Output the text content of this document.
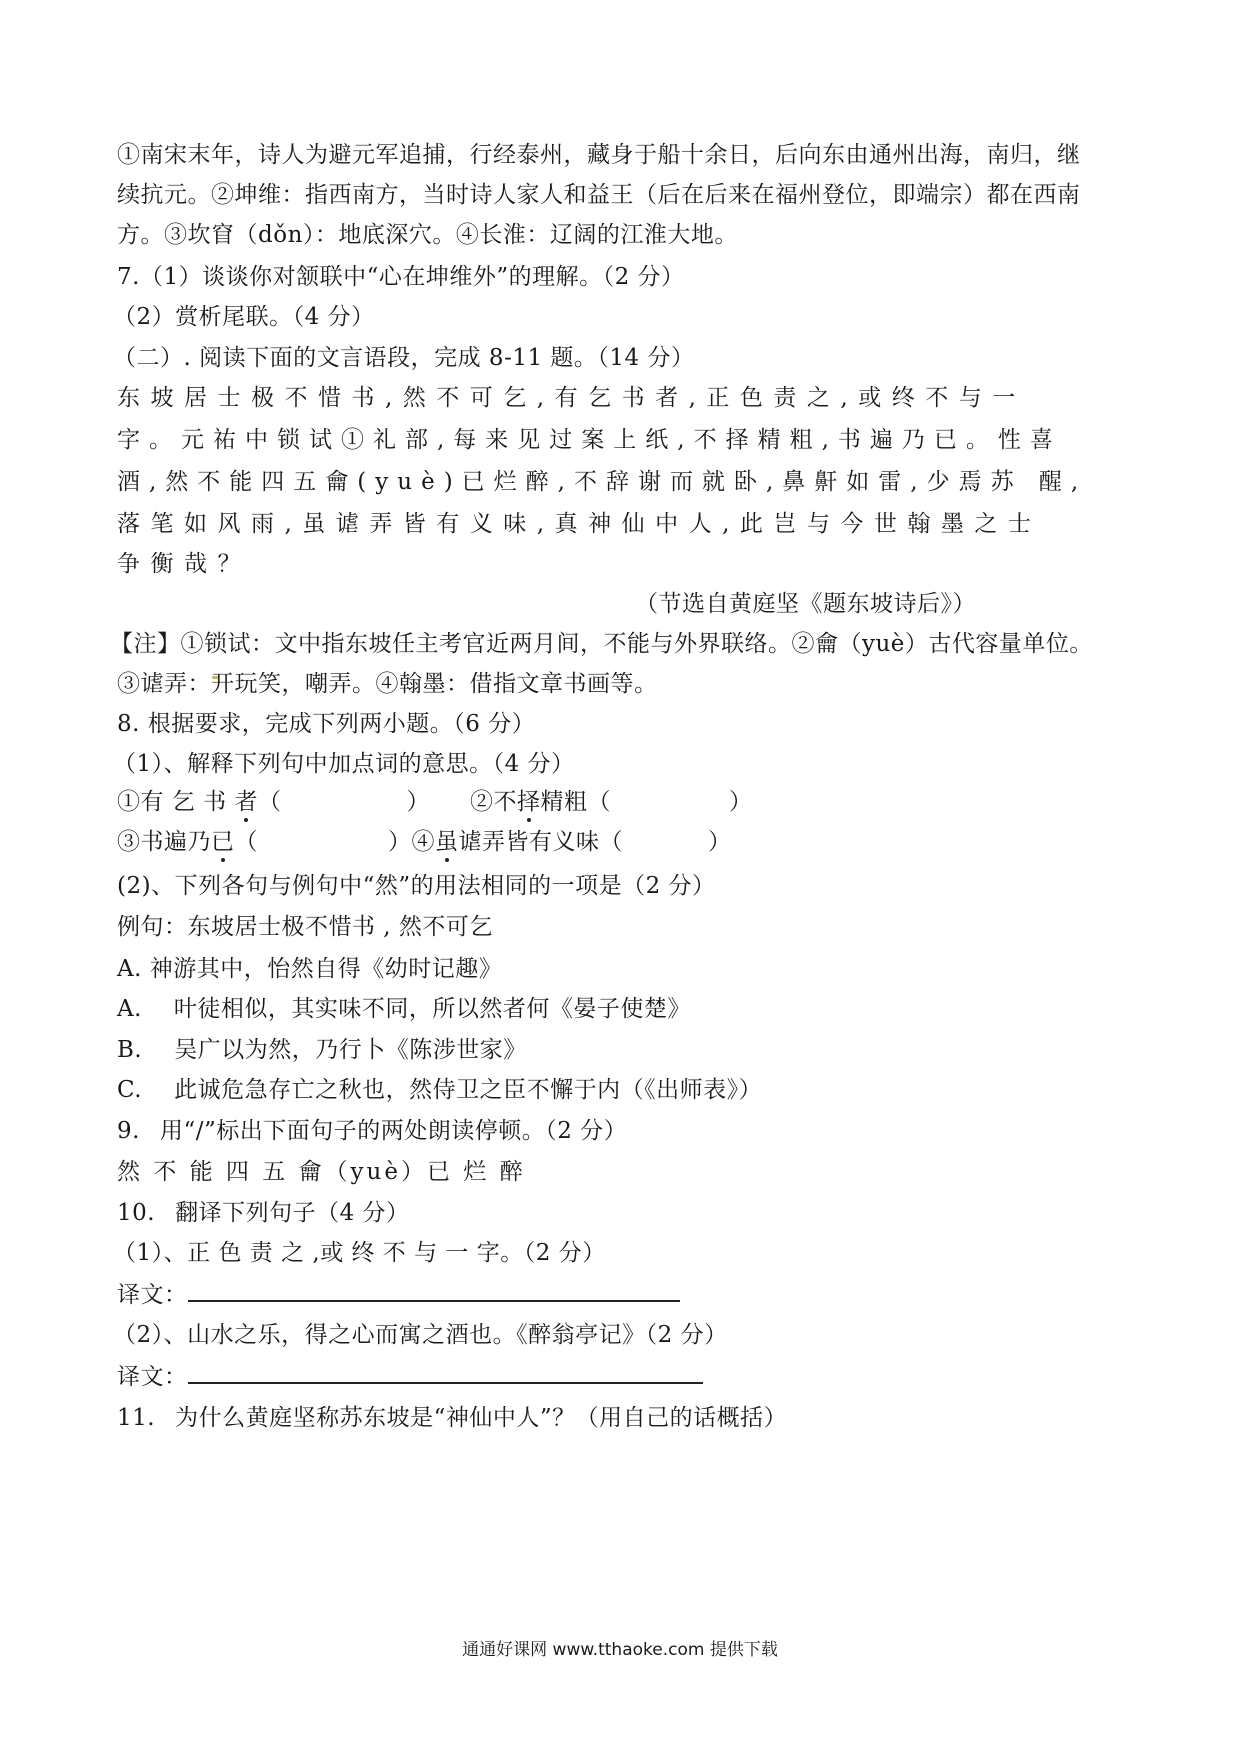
①南宋末年，诗人为避元军追捕，行经泰州，藏身于船十余日，后向东由通州出海，南归，继
续抗元。②坤维：指西南方，当时诗人家人和益王（后在后来在福州登位，即端宗）都在西南
方。③坎窅（dǒn）：地底深穴。④长淮：辽阔的江淮大地。
7.（1）谈谈你对颔联中“心在坤维外”的理解。（2 分）
（2）赏析尾联。（4 分）
（二）. 阅读下面的文言语段，完成 8-11 题。（14 分）
东坡居士极不惜书,然不可乞,有乞书者,正色责之,或终不与一
字。元祐中锁试①礼部,每来见过案上纸,不择精粗,书遍乃已。性喜
酒,然不能四五龠(yuè)已烂醉,不辞谢而就卧,鼻鼾如雷,少焉苏 醒,
落笔如风雨,虽谑弄皆有义味,真神仙中人,此岂与今世翰墨之士
争衡哉？
（节选自黄庭坚《题东坡诗后》）
【注】①锁试：文中指东坡任主考官近两月间，不能与外界联络。②龠（yuè）古代容量单位。
③谑弄：开玩笑，嘲弄。④翰墨：借指文章书画等。
8. 根据要求，完成下列两小题。（6 分）
（1）、解释下列句中加点词的意思。（4 分）
①有 乞 书 者（	） ②不择精粗（	）
③书遍乃已（	）④虽谑弄皆有义味（	）
(2)、下列各句与例句中“然”的用法相同的一项是（2 分）
例句：东坡居士极不惜书 , 然不可乞
A. 神游其中，怡然自得《幼时记趣》
A. 叶徒相似，其实味不同，所以然者何《晏子使楚》
B. 吴广以为然，乃行卜《陈涉世家》
C. 此诚危急存亡之秋也，然侍卫之臣不懈于内（《出师表》）
9. 用“/”标出下面句子的两处朗读停顿。（2 分）
然 不 能 四 五 龠（yuè）已 烂 醉
10. 翻译下列句子（4 分）
（1）、正 色 责 之 ,或 终 不 与 一 字。（2 分）
译文：
（2）、山水之乐，得之心而寓之酒也。《醉翁亭记》（2 分）
译文：
11. 为什么黄庭坚称苏东坡是“神仙中人”？（用自己的话概括）
通通好课网 www.tthaoke.com 提供下载
